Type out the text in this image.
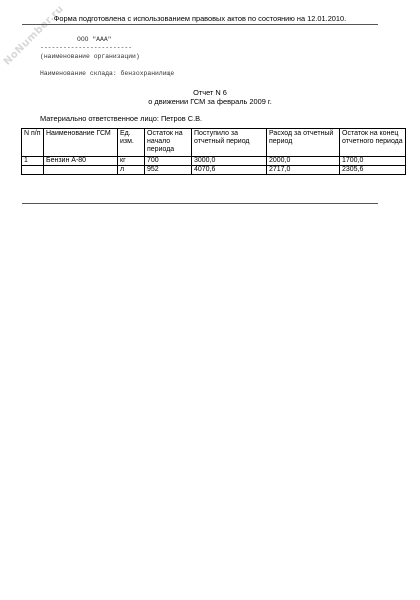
NoNumber.ru
Форма подготовлена с использованием правовых актов по состоянию на 12.01.2010.
ООО "ААА"
------------------------
(наименование организации)
Наименование склада: бензохранилище
Отчет N 6
о движении ГСМ за февраль 2009 г.
Материально ответственное лицо: Петров С.В.
N п/п	Наименование ГСМ	Ед. изм.	Остаток на начало периода	Поступило за отчетный период	Расход за отчетный период	Остаток на конец отчетного периода
1	Бензин А-80	кг	700	3000,0	2000,0	1700,0
		л	952	4070,6	2717,0	2305,6
